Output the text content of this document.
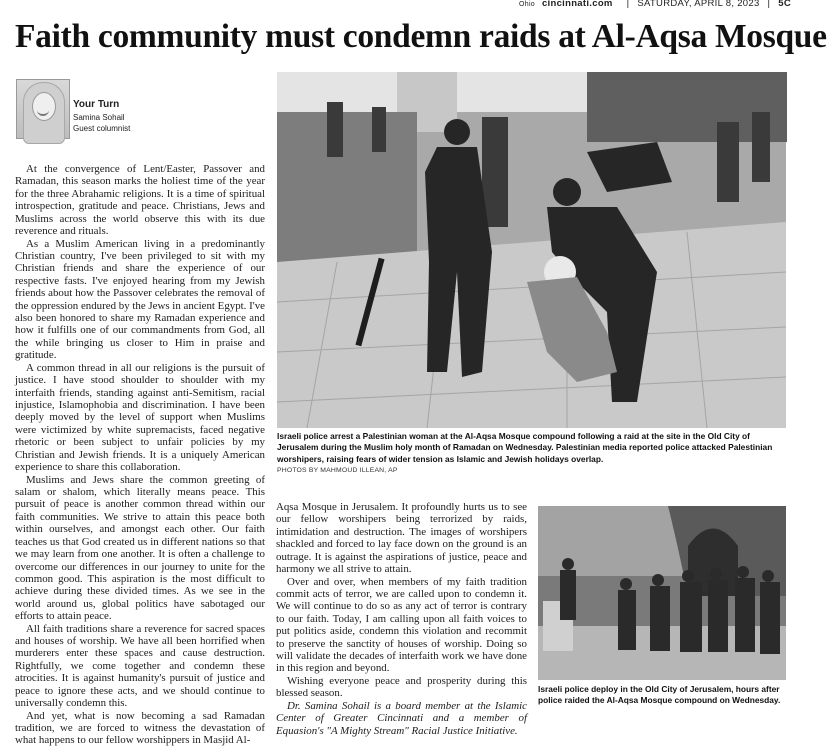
Ohio cincinnati.com | SATURDAY, APRIL 8, 2023 | 5C
Faith community must condemn raids at Al-Aqsa Mosque

Your Turn

Samina Sohail

Guest columnist

At the convergence of Lent/Easter, Passover and Ramadan, this season marks the holiest time of the year for the three Abrahamic religions. It is a time of spiritual introspection, gratitude and peace. Christians, Jews and Muslims across the world observe this with its due reverence and rituals.

As a Muslim American living in a predominantly Christian country, I've been privileged to sit with my Christian friends and share the experience of our respective fasts. I've enjoyed hearing from my Jewish friends about how the Passover celebrates the removal of the oppression endured by the Jews in ancient Egypt. I've also been honored to share my Ramadan experience and how it fulfills one of our commandments from God, all the while bringing us closer to Him in praise and gratitude.

A common thread in all our religions is the pursuit of justice. I have stood shoulder to shoulder with my interfaith friends, standing against anti-Semitism, racial injustice, Islamophobia and discrimination. I have been deeply moved by the level of support when Muslims were victimized by white supremacists, faced negative rhetoric or been subject to unfair policies by my Christian and Jewish friends. It is a uniquely American experience to share this collaboration.

Muslims and Jews share the common greeting of salam or shalom, which literally means peace. This pursuit of peace is another common thread within our faith communities. We strive to attain this peace both within ourselves, and amongst each other. Our faith teaches us that God created us in different nations so that we may learn from one another. It is often a challenge to overcome our differences in our journey to unite for the common good. This aspiration is the most difficult to achieve during these divided times. As we see in the world around us, global politics have sabotaged our efforts to attain peace.

All faith traditions share a reverence for sacred spaces and houses of worship. We have all been horrified when murderers enter these spaces and cause destruction. Rightfully, we come together and condemn these atrocities. It is against humanity's pursuit of justice and peace to ignore these acts, and we should continue to universally condemn this.

And yet, what is now becoming a sad Ramadan tradition, we are forced to witness the devastation of what happens to our fellow worshippers in Masjid Al-

Israeli police arrest a Palestinian woman at the Al-Aqsa Mosque compound following a raid at the site in the Old City of Jerusalem during the Muslim holy month of Ramadan on Wednesday. Palestinian media reported police attacked Palestinian worshipers, raising fears of wider tension as Islamic and Jewish holidays overlap.

PHOTOS BY MAHMOUD ILLEAN, AP

Aqsa Mosque in Jerusalem. It profoundly hurts us to see our fellow worshipers being terrorized by raids, intimidation and destruction. The images of worshipers shackled and forced to lay face down on the ground is an outrage. It is against the aspirations of justice, peace and harmony we all strive to attain.

Over and over, when members of my faith tradition commit acts of terror, we are called upon to condemn it. We will continue to do so as any act of terror is contrary to our faith. Today, I am calling upon all faith voices to put politics aside, condemn this violation and recommit to preserve the sanctity of houses of worship. Doing so will validate the decades of interfaith work we have done in this region and beyond.

Wishing everyone peace and prosperity during this blessed season.

Dr. Samina Sohail is a board member at the Islamic Center of Greater Cincinnati and a member of Equasion's "A Mighty Stream" Racial Justice Initiative.

Israeli police deploy in the Old City of Jerusalem, hours after police raided the Al-Aqsa Mosque compound on Wednesday.
